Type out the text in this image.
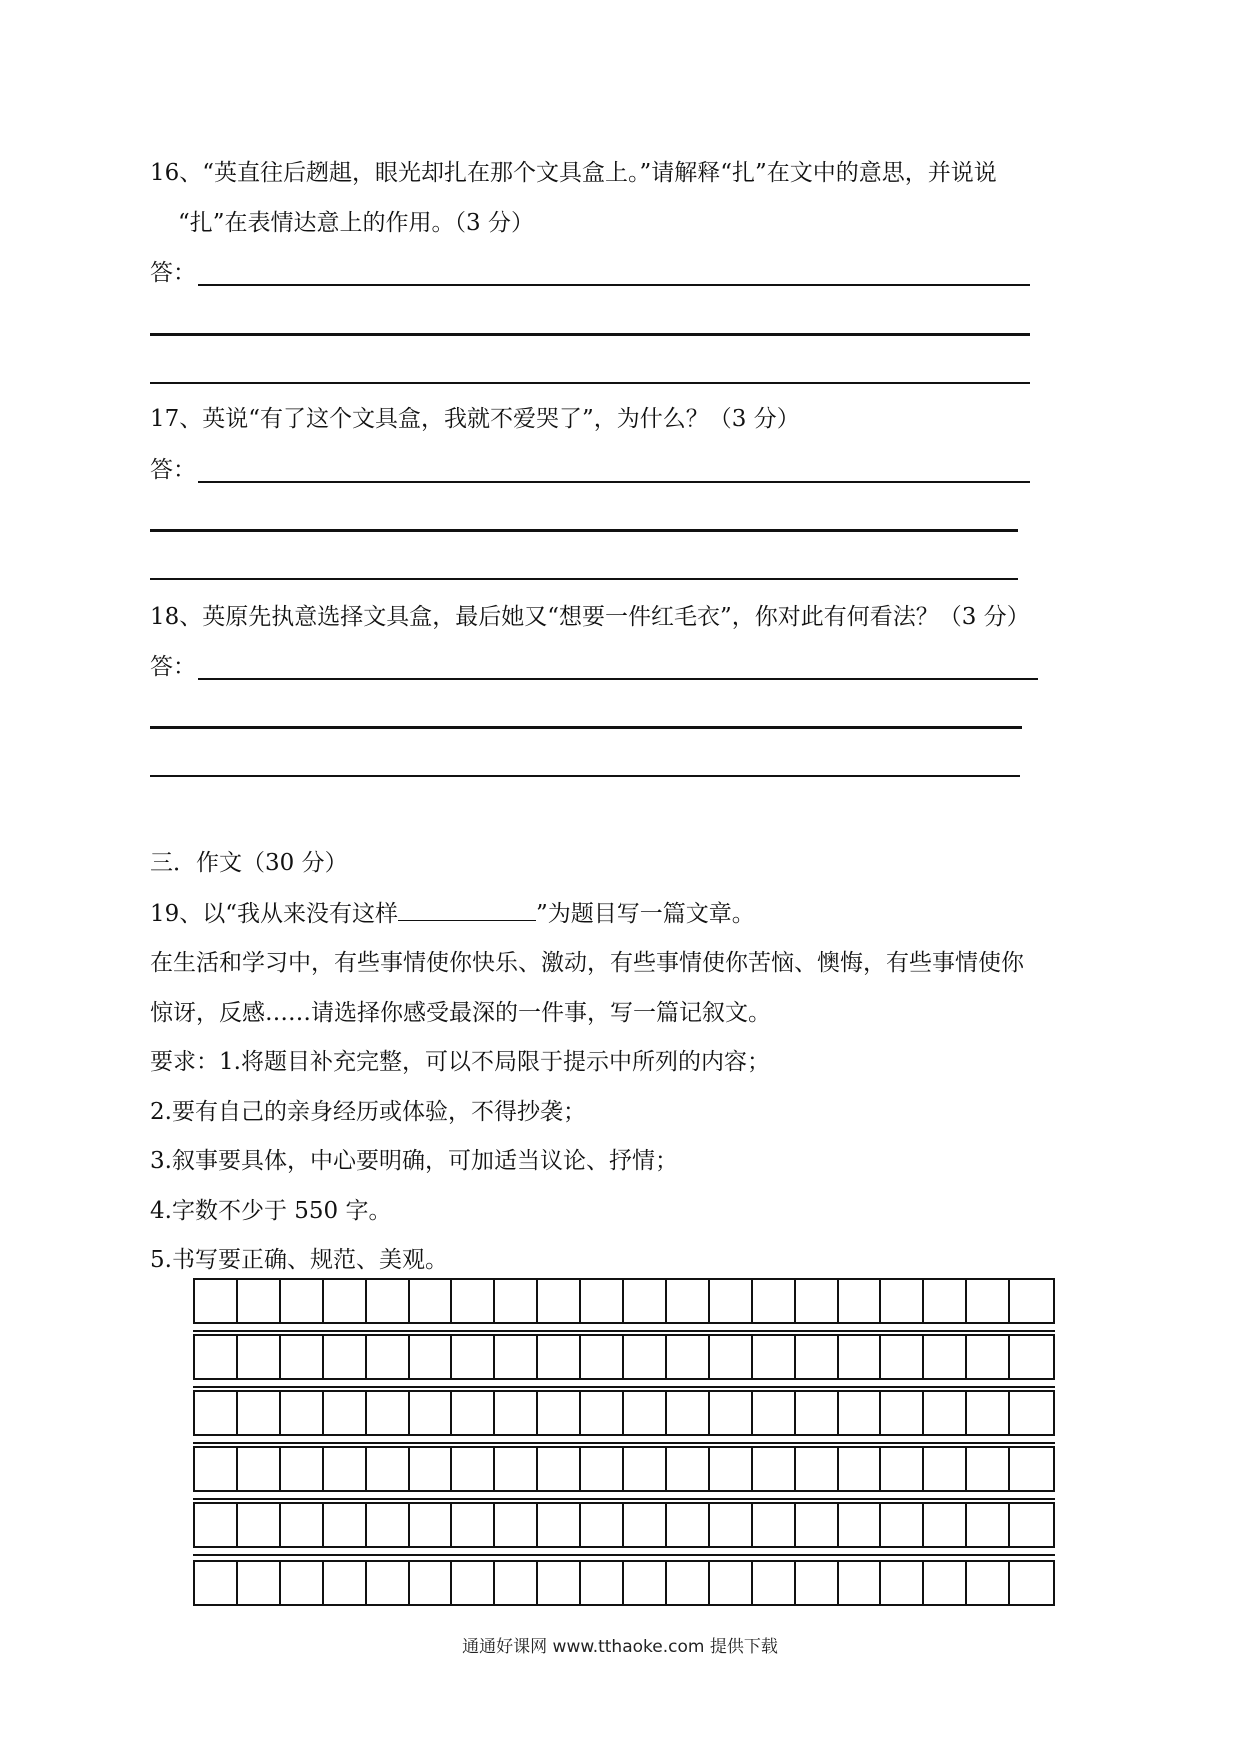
16、“英直往后趔趄，眼光却扎在那个文具盒上。”请解释“扎”在文中的意思，并说说
“扎”在表情达意上的作用。（3 分）
答：
17、英说“有了这个文具盒，我就不爱哭了”，为什么？（3 分）
答：
18、英原先执意选择文具盒，最后她又“想要一件红毛衣”，你对此有何看法？（3 分）
答：
三．作文（30 分）
19、以“我从来没有这样	”为题目写一篇文章。
在生活和学习中，有些事情使你快乐、激动，有些事情使你苦恼、懊悔，有些事情使你
惊讶，反感……请选择你感受最深的一件事，写一篇记叙文。
要求：1.将题目补充完整，可以不局限于提示中所列的内容；
2.要有自己的亲身经历或体验，不得抄袭；
3.叙事要具体，中心要明确，可加适当议论、抒情；
4.字数不少于 550 字。
5.书写要正确、规范、美观。
通通好课网 www.tthaoke.com 提供下载
